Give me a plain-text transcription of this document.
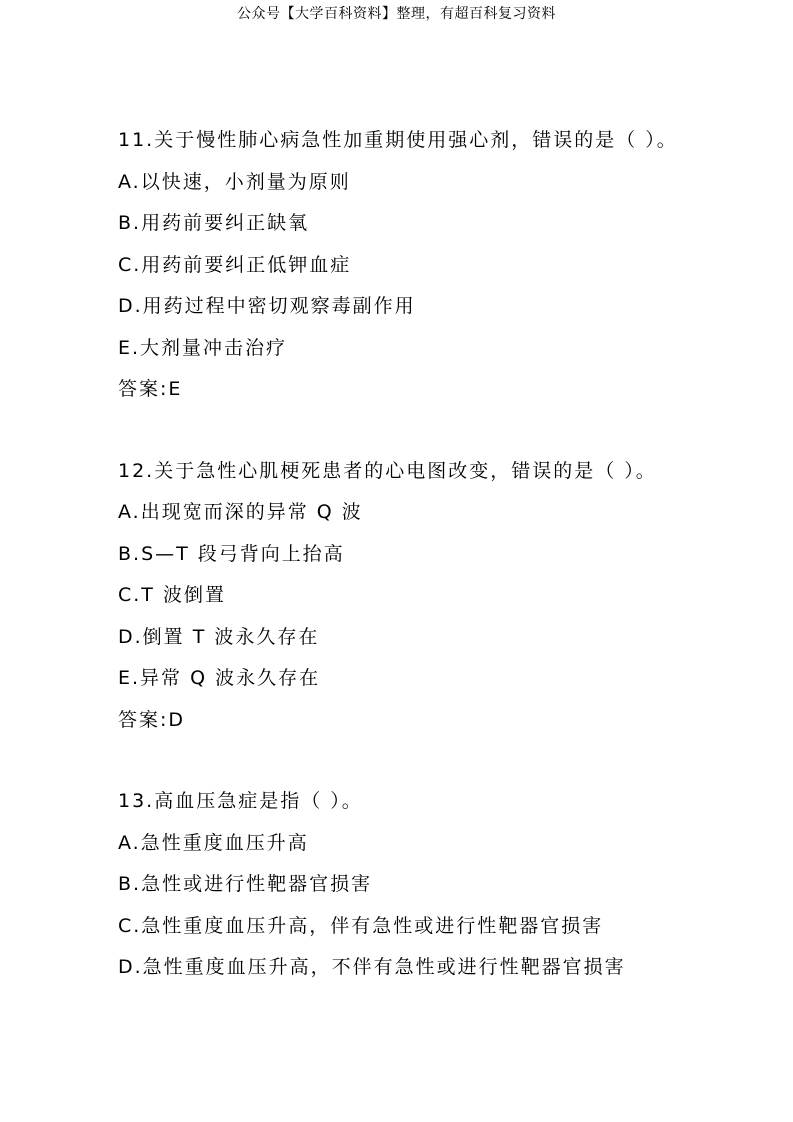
公众号【大学百科资料】整理，有超百科复习资料
11.关于慢性肺心病急性加重期使用强心剂，错误的是（ ）。
A.以快速，小剂量为原则
B.用药前要纠正缺氧
C.用药前要纠正低钾血症
D.用药过程中密切观察毒副作用
E.大剂量冲击治疗
答案:E
12.关于急性心肌梗死患者的心电图改变，错误的是（ ）。
A.出现宽而深的异常 Q 波
B.S—T 段弓背向上抬高
C.T 波倒置
D.倒置 T 波永久存在
E.异常 Q 波永久存在
答案:D
13.高血压急症是指（ ）。
A.急性重度血压升高
B.急性或进行性靶器官损害
C.急性重度血压升高，伴有急性或进行性靶器官损害
D.急性重度血压升高，不伴有急性或进行性靶器官损害
